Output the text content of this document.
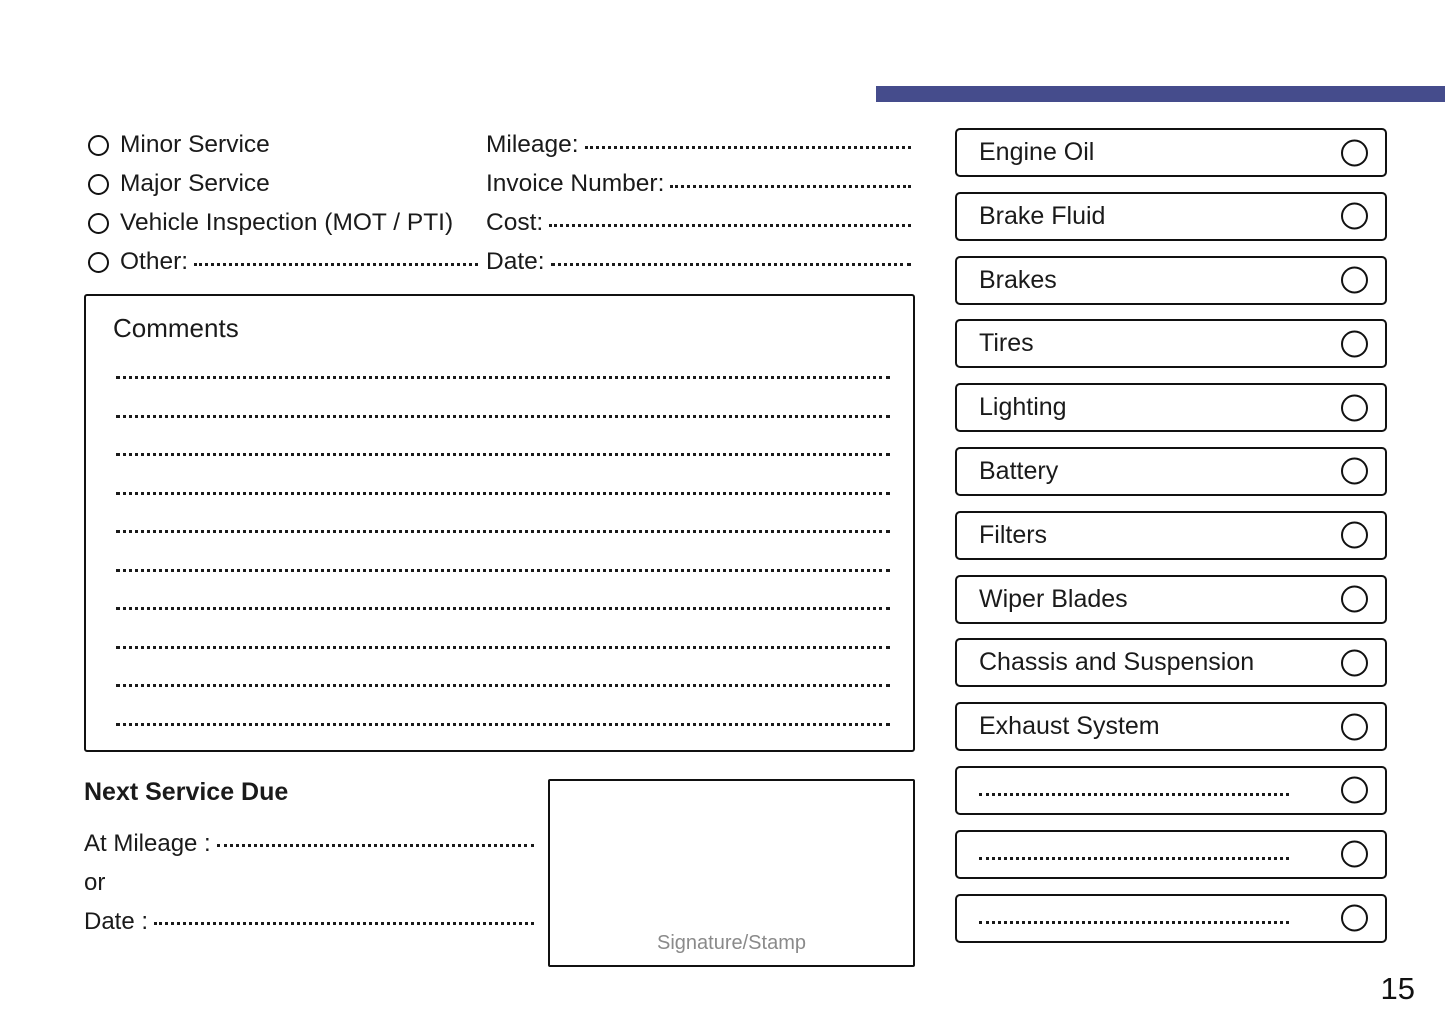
Minor Service
Major Service
Vehicle Inspection (MOT / PTI)
Other:
Mileage:
Invoice Number:
Cost:
Date:
Comments
Next Service Due
At Mileage :
or
Date :
Signature/Stamp
Engine Oil
Brake Fluid
Brakes
Tires
Lighting
Battery
Filters
Wiper Blades
Chassis and Suspension
Exhaust System
15
